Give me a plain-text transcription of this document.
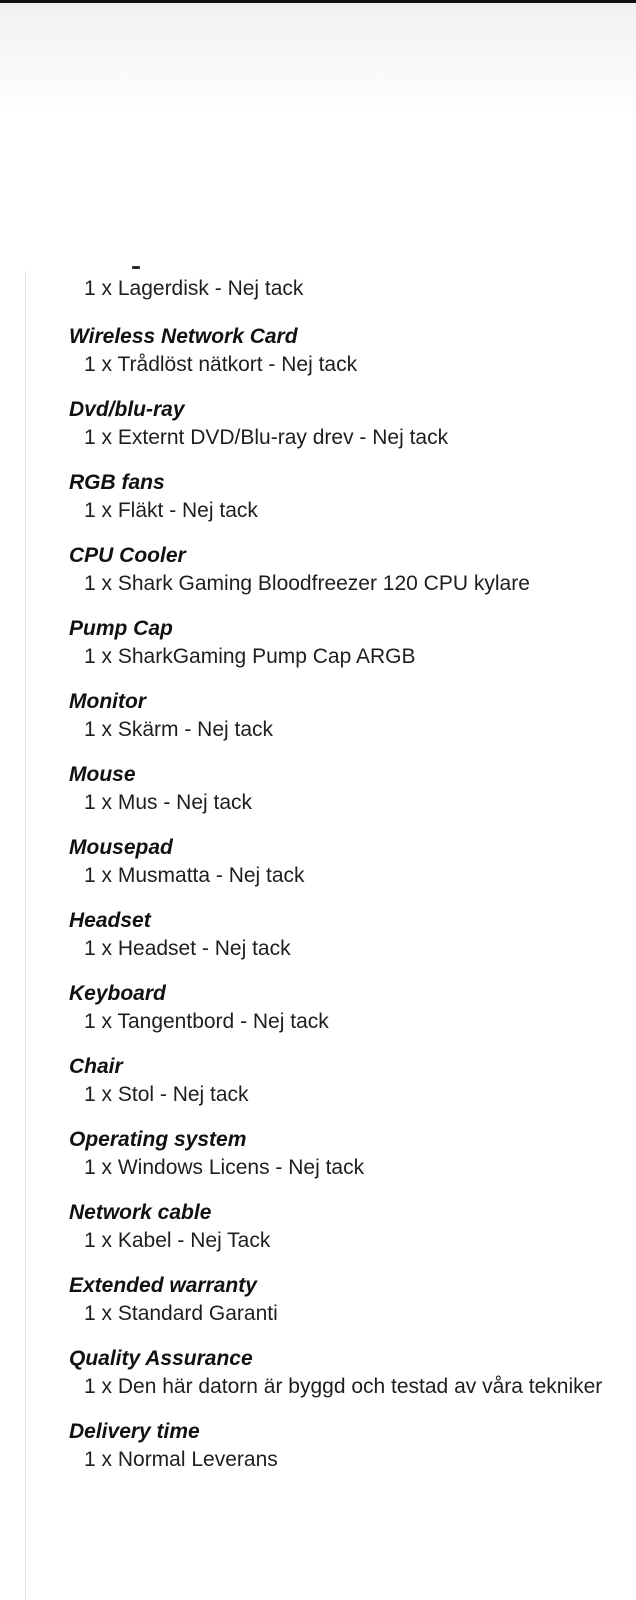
1 x Lagerdisk - Nej tack
Wireless Network Card
1 x Trådlöst nätkort - Nej tack
Dvd/blu-ray
1 x Externt DVD/Blu-ray drev - Nej tack
RGB fans
1 x Fläkt - Nej tack
CPU Cooler
1 x Shark Gaming Bloodfreezer 120 CPU kylare
Pump Cap
1 x SharkGaming Pump Cap ARGB
Monitor
1 x Skärm - Nej tack
Mouse
1 x Mus - Nej tack
Mousepad
1 x Musmatta - Nej tack
Headset
1 x Headset - Nej tack
Keyboard
1 x Tangentbord - Nej tack
Chair
1 x Stol - Nej tack
Operating system
1 x Windows Licens - Nej tack
Network cable
1 x Kabel - Nej Tack
Extended warranty
1 x Standard Garanti
Quality Assurance
1 x Den här datorn är byggd och testad av våra tekniker
Delivery time
1 x Normal Leverans
